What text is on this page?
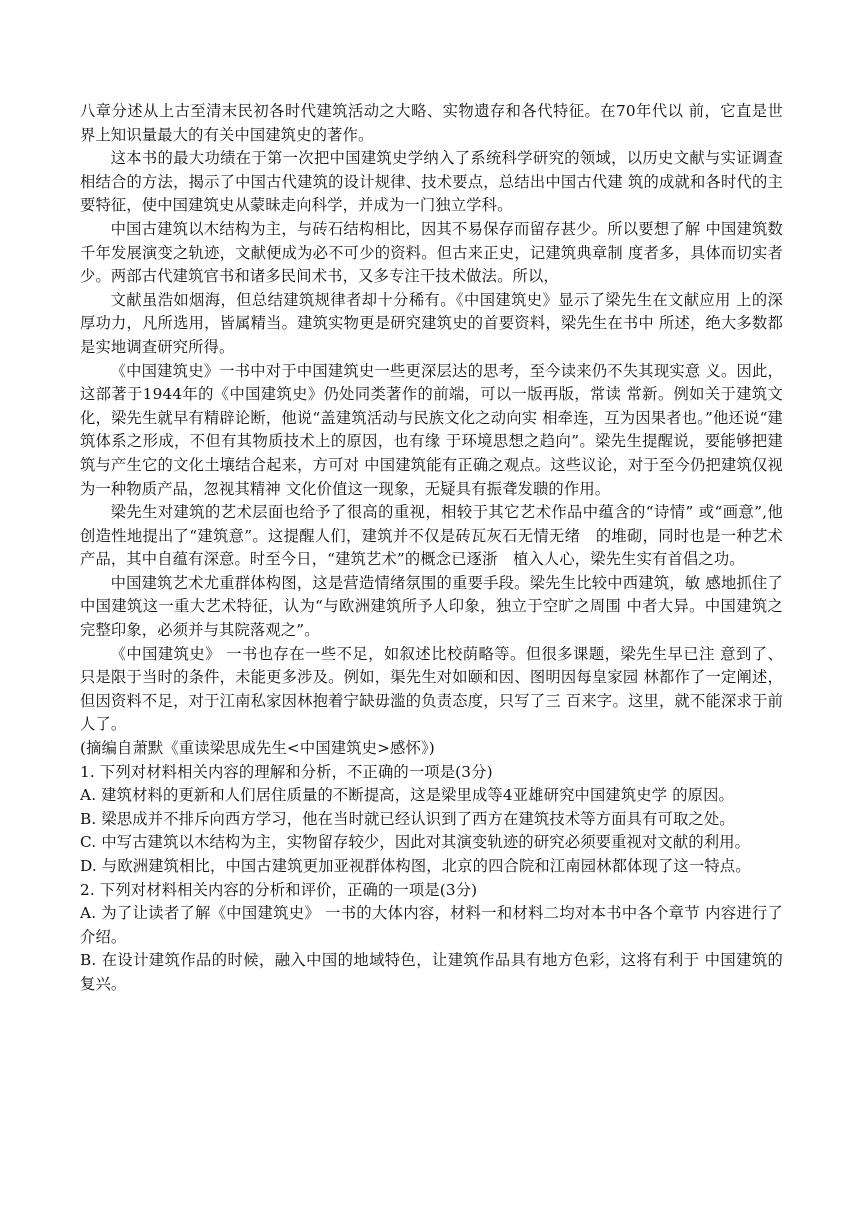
八章分述从上古至清末民初各时代建筑活动之大略、实物遗存和各代特征。在70年代以 前，它直是世界上知识量最大的有关中国建筑史的著作。

这本书的最大功绩在于第一次把中国建筑史学纳入了系统科学研究的领域，以历史文献与实证调查相结合的方法，揭示了中国古代建筑的设计规律、技术要点，总结出中国古代建 筑的成就和各时代的主要特征，使中国建筑史从蒙昧走向科学，并成为一门独立学科。

中国古建筑以木结构为主，与砖石结构相比，因其不易保存而留存甚少。所以要想了解 中国建筑数千年发展演变之轨迹，文献便成为必不可少的资料。但古来正史，记建筑典章制 度者多，具体而切实者少。两部古代建筑官书和诸多民间术书，又多专注干技术做法。所以，

文献虽浩如烟海，但总结建筑规律者却十分稀有。《中国建筑史》显示了梁先生在文献应用 上的深厚功力，凡所选用，皆属精当。建筑实物更是研究建筑史的首要资料，梁先生在书中 所述，绝大多数都是实地调查研究所得。

《中国建筑史》一书中对于中国建筑史一些更深层达的思考，至今读来仍不失其现实意 义。因此，这部著于1944年的《中国建筑史》仍处同类著作的前端，可以一版再版，常读 常新。例如关于建筑文化，梁先生就早有精辟论断，他说“盖建筑活动与民族文化之动向实 相牵连，互为因果者也。”他还说“建筑体系之形成，不但有其物质技术上的原因，也有缘 于环境思想之趋向”。梁先生提醒说，要能够把建筑与产生它的文化土壤结合起来，方可对 中国建筑能有正确之观点。这些议论，对于至今仍把建筑仅视为一种物质产品，忽视其精神 文化价值这一现象，无疑具有振聋发聩的作用。

梁先生对建筑的艺术层面也给予了很高的重视，相较于其它艺术作品中蕴含的“诗情” 或“画意”,他创造性地提出了“建筑意”。这提醒人们，建筑并不仅是砖瓦灰石无情无绪　的堆砌，同时也是一种艺术产品，其中自蕴有深意。时至今日，“建筑艺术”的概念已逐浙　植入人心，梁先生实有首倡之功。

中国建筑艺术尤重群体构图，这是营造情绪氛围的重要手段。梁先生比较中西建筑，敏 感地抓住了中国建筑这一重大艺术特征，认为“与欧洲建筑所予人印象，独立于空旷之周围 中者大异。中国建筑之完整印象，必须并与其院落观之”。

《中国建筑史》 一书也存在一些不足，如叙述比校荫略等。但很多课题，梁先生早已注 意到了、只是限于当时的条件，未能更多涉及。例如，渠先生对如颐和因、图明因每皇家园 林都作了一定阐述，但因资料不足，对于江南私家因林抱着宁缺毋滥的负责态度，只写了三 百来字。这里，就不能深求于前人了。

(摘编自萧默《重读梁思成先生<中国建筑史>感怀》)

1. 下列对材料相关内容的理解和分析，不正确的一项是(3分)

A. 建筑材料的更新和人们居住质量的不断提高，这是梁里成等4亚雄研究中国建筑史学 的原因。

B. 梁思成并不排斥向西方学习，他在当时就已经认识到了西方在建筑技术等方面具有可取之处。

C. 中写古建筑以木结构为主，实物留存较少，因此对其演变轨迹的研究必须要重视对文献的利用。

D. 与欧洲建筑相比，中国古建筑更加亚视群体构图，北京的四合院和江南园林都体现了这一特点。

2. 下列对材料相关内容的分析和评价，正确的一项是(3分)

A. 为了让读者了解《中国建筑史》 一书的大体内容，材料一和材料二均对本书中各个章节 内容进行了介绍。

B. 在设计建筑作品的时候，融入中国的地域特色，让建筑作品具有地方色彩，这将有利于 中国建筑的复兴。
